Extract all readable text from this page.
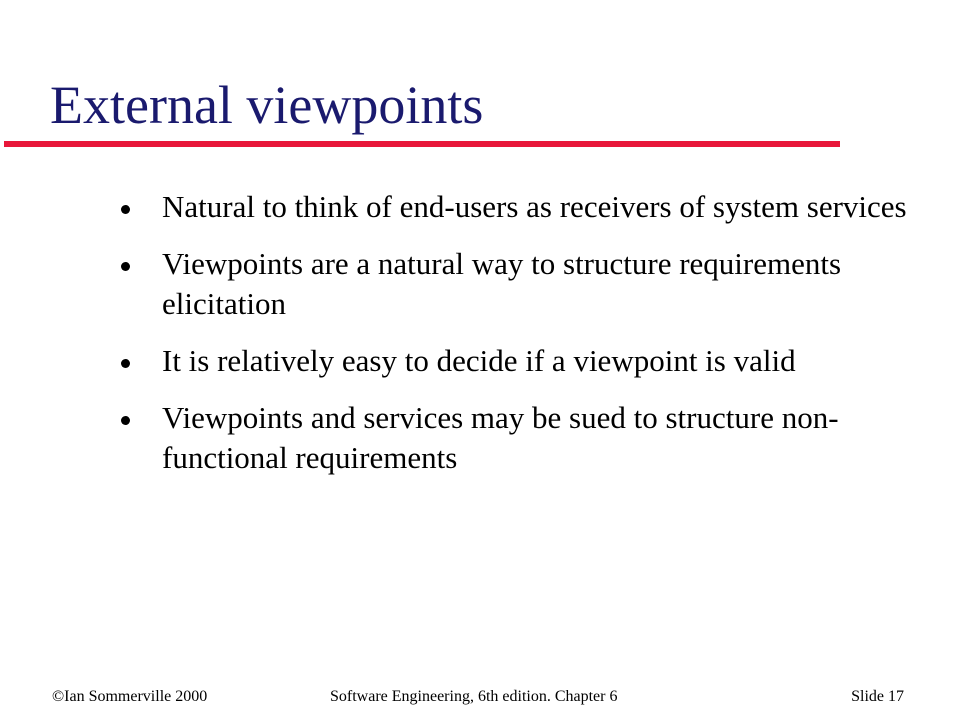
External viewpoints
Natural to think of end-users as receivers of system services
Viewpoints are a natural way to structure requirements elicitation
It is relatively easy to decide if a viewpoint is valid
Viewpoints and services may be sued to structure non-functional requirements
©Ian Sommerville 2000	Software Engineering, 6th edition. Chapter 6	Slide 17
